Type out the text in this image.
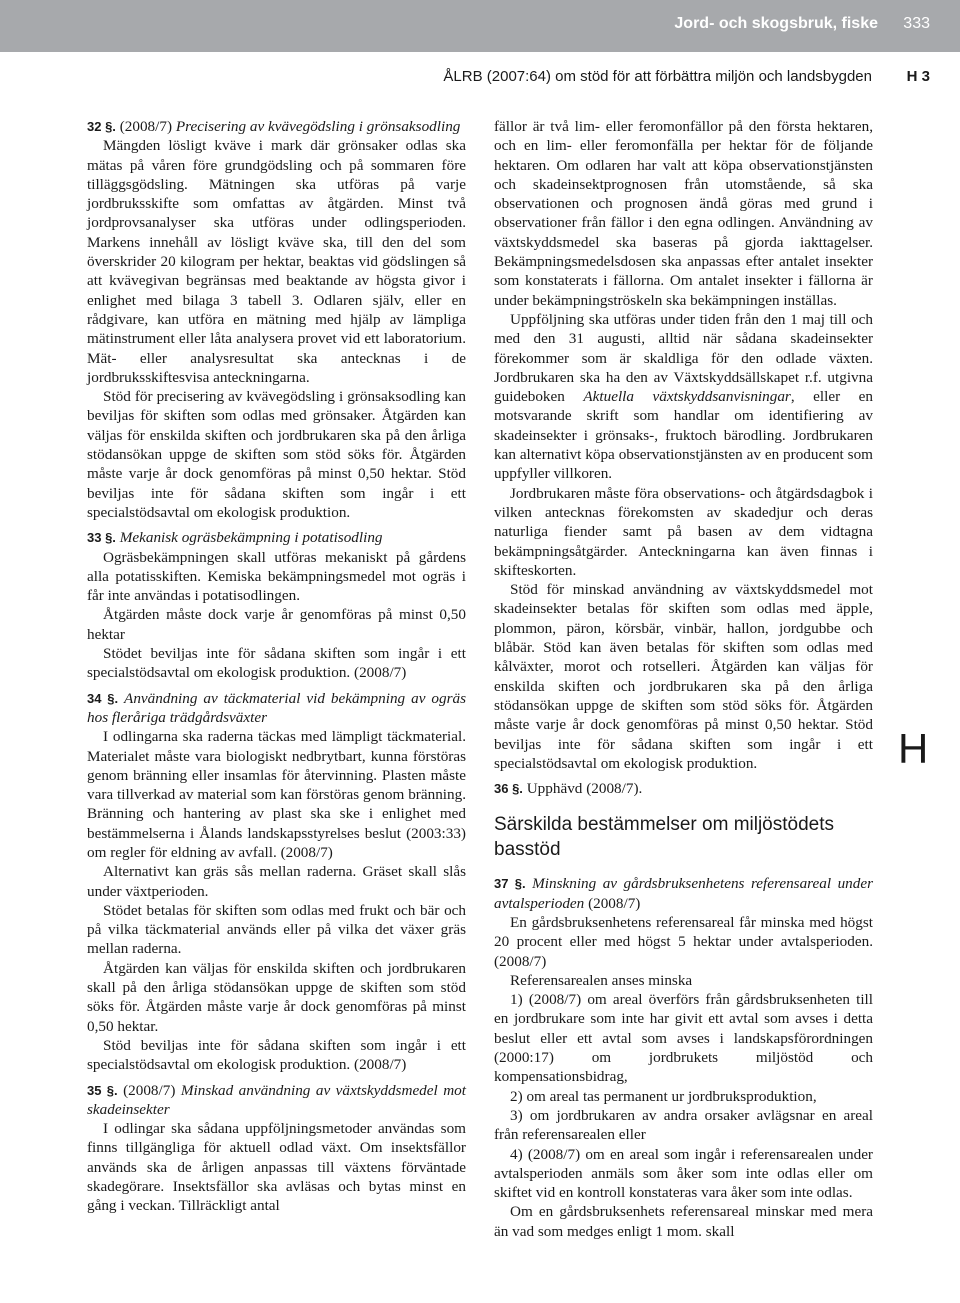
Jord- och skogsbruk, fiske 333
ÅLRB (2007:64) om stöd för att förbättra miljön och landsbygden H 3
H

32 §. (2008/7) Precisering av kvävegödsling i grönsaksodling

Mängden lösligt kväve i mark där grönsaker odlas ska mätas på våren före grundgödsling och på sommaren före tilläggsgödsling. Mätningen ska utföras på varje jordbruksskifte som omfattas av åtgärden. Minst två jordprovsanalyser ska utföras under odlingsperioden. Markens innehåll av lösligt kväve ska, till den del som överskrider 20 kilogram per hektar, beaktas vid gödslingen så att kvävegivan begränsas med beaktande av högsta givor i enlighet med bilaga 3 tabell 3. Odlaren själv, eller en rådgivare, kan utföra en mätning med hjälp av lämpliga mätinstrument eller låta analysera provet vid ett laboratorium. Mät- eller analysresultat ska antecknas i de jordbruksskiftesvisa anteckningarna.

Stöd för precisering av kvävegödsling i grönsaksodling kan beviljas för skiften som odlas med grönsaker. Åtgärden kan väljas för enskilda skiften och jordbrukaren ska på den årliga stödansökan uppge de skiften som stöd söks för. Åtgärden måste varje år dock genomföras på minst 0,50 hektar. Stöd beviljas inte för sådana skiften som ingår i ett specialstödsavtal om ekologisk produktion.

33 §. Mekanisk ogräsbekämpning i potatisodling

Ogräsbekämpningen skall utföras mekaniskt på gårdens alla potatisskiften. Kemiska bekämpningsmedel mot ogräs i får inte användas i potatisodlingen.

Åtgärden måste dock varje år genomföras på minst 0,50 hektar

Stödet beviljas inte för sådana skiften som ingår i ett specialstödsavtal om ekologisk produktion. (2008/7)

34 §. Användning av täckmaterial vid bekämpning av ogräs hos fleråriga trädgårdsväxter

I odlingarna ska raderna täckas med lämpligt täckmaterial. Materialet måste vara biologiskt nedbrytbart, kunna förstöras genom bränning eller insamlas för återvinning. Plasten måste vara tillverkad av material som kan förstöras genom bränning. Bränning och hantering av plast ska ske i enlighet med bestämmelserna i Ålands landskapsstyrelses beslut (2003:33) om regler för eldning av avfall. (2008/7)

Alternativt kan gräs sås mellan raderna. Gräset skall slås under växtperioden.

Stödet betalas för skiften som odlas med frukt och bär och på vilka täckmaterial används eller på vilka det växer gräs mellan raderna.

Åtgärden kan väljas för enskilda skiften och jordbrukaren skall på den årliga stödansökan uppge de skiften som stöd söks för. Åtgärden måste varje år dock genomföras på minst 0,50 hektar.

Stöd beviljas inte för sådana skiften som ingår i ett specialstödsavtal om ekologisk produktion. (2008/7)

35 §. (2008/7) Minskad användning av växtskyddsmedel mot skadeinsekter

I odlingar ska sådana uppföljningsmetoder användas som finns tillgängliga för aktuell odlad växt. Om insektsfällor används ska de årligen anpassas till växtens förväntade skadegörare. Insektsfällor ska avläsas och bytas minst en gång i veckan. Tillräckligt antal

fällor är två lim- eller feromonfällor på den första hektaren, och en lim- eller feromonfälla per hektar för de följande hektaren. Om odlaren har valt att köpa observationstjänsten och skadeinsektprognosen från utomstående, så ska observationen och prognosen ändå göras med grund i observationer från fällor i den egna odlingen. Användning av växtskyddsmedel ska baseras på gjorda iakttagelser. Bekämpningsmedelsdosen ska anpassas efter antalet insekter som konstaterats i fällorna. Om antalet insekter i fällorna är under bekämpningströskeln ska bekämpningen inställas.

Uppföljning ska utföras under tiden från den 1 maj till och med den 31 augusti, alltid när sådana skadeinsekter förekommer som är skaldliga för den odlade växten. Jordbrukaren ska ha den av Växtskyddsällskapet r.f. utgivna guideboken Aktuella växtskyddsanvisningar, eller en motsvarande skrift som handlar om identifiering av skadeinsekter i grönsaks-, fruktoch bärodling. Jordbrukaren kan alternativt köpa observationstjänsten av en producent som uppfyller villkoren.

Jordbrukaren måste föra observations- och åtgärdsdagbok i vilken antecknas förekomsten av skadedjur och deras naturliga fiender samt på basen av dem vidtagna bekämpningsåtgärder. Anteckningarna kan även finnas i skifteskorten.

Stöd för minskad användning av växtskyddsmedel mot skadeinsekter betalas för skiften som odlas med äpple, plommon, päron, körsbär, vinbär, hallon, jordgubbe och blåbär. Stöd kan även betalas för skiften som odlas med kålväxter, morot och rotselleri. Åtgärden kan väljas för enskilda skiften och jordbrukaren ska på den årliga stödansökan uppge de skiften som stöd söks för. Åtgärden måste varje år dock genomföras på minst 0,50 hektar. Stöd beviljas inte för sådana skiften som ingår i ett specialstödsavtal om ekologisk produktion.

36 §. Upphävd (2008/7).

Särskilda bestämmelser om miljöstödets basstöd

37 §. Minskning av gårdsbruksenhetens referensareal under avtalsperioden (2008/7)

En gårdsbruksenhetens referensareal får minska med högst 20 procent eller med högst 5 hektar under avtalsperioden. (2008/7)

Referensarealen anses minska

1) (2008/7) om areal överförs från gårdsbruksenheten till en jordbrukare som inte har givit ett avtal som avses i detta beslut eller ett avtal som avses i landskapsförordningen (2000:17) om jordbrukets miljöstöd och kompensationsbidrag,

2) om areal tas permanent ur jordbruksproduktion,

3) om jordbrukaren av andra orsaker avlägsnar en areal från referensarealen eller

4) (2008/7) om en areal som ingår i referensarealen under avtalsperioden anmäls som åker som inte odlas eller om skiftet vid en kontroll konstateras vara åker som inte odlas.

Om en gårdsbruksenhets referensareal minskar med mera än vad som medges enligt 1 mom. skall
